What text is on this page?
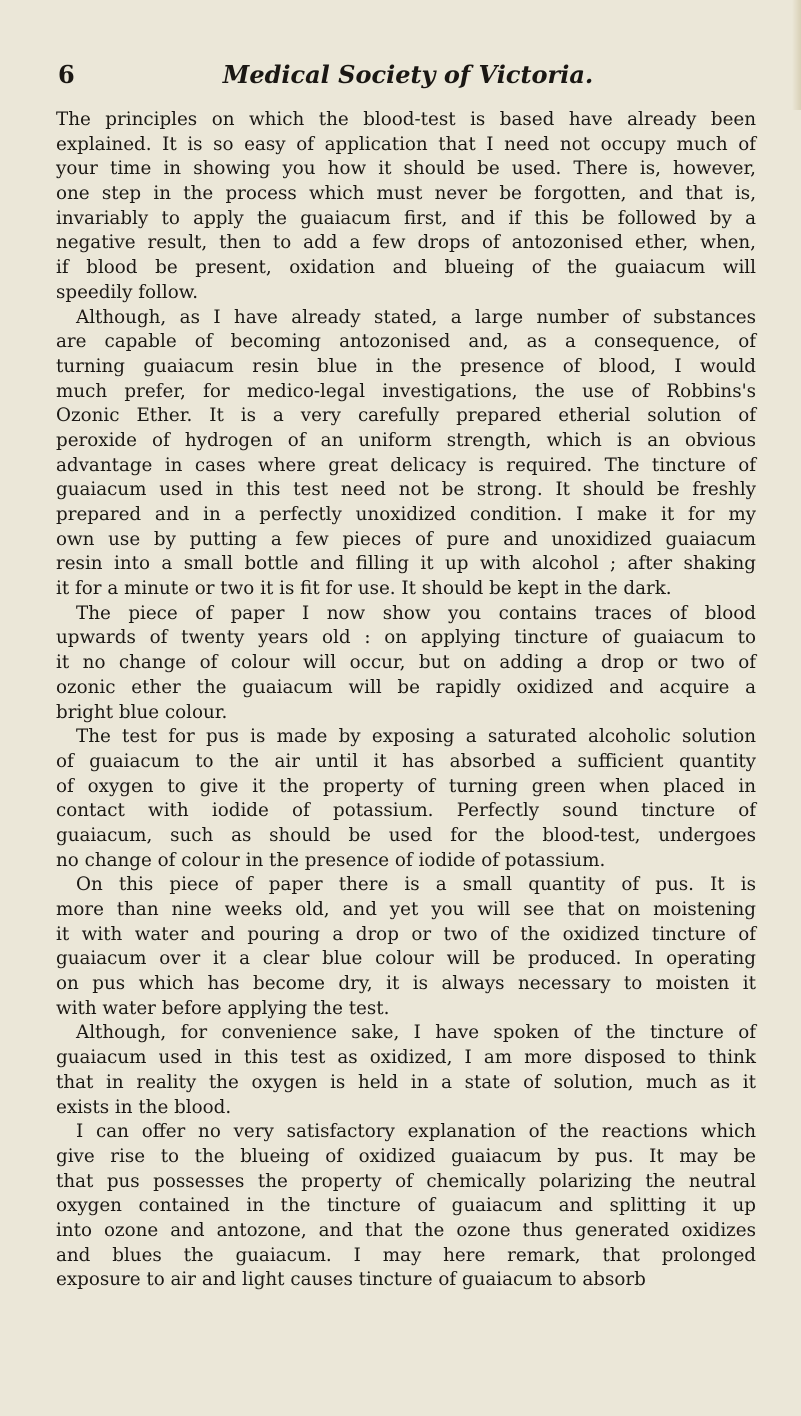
6	Medical Society of Victoria.
The principles on which the blood-test is based have already been
explained. It is so easy of application that I need not occupy much of
your time in showing you how it should be used. There is, however,
one step in the process which must never be forgotten, and that is,
invariably to apply the guaiacum first, and if this be followed by a
negative result, then to add a few drops of antozonised ether, when,
if blood be present, oxidation and blueing of the guaiacum will
speedily follow.
Although, as I have already stated, a large number of substances
are capable of becoming antozonised and, as a consequence, of
turning guaiacum resin blue in the presence of blood, I would
much prefer, for medico-legal investigations, the use of Robbins's
Ozonic Ether. It is a very carefully prepared etherial solution of
peroxide of hydrogen of an uniform strength, which is an obvious
advantage in cases where great delicacy is required. The tincture of
guaiacum used in this test need not be strong. It should be freshly
prepared and in a perfectly unoxidized condition. I make it for my
own use by putting a few pieces of pure and unoxidized guaiacum
resin into a small bottle and filling it up with alcohol ; after shaking
it for a minute or two it is fit for use. It should be kept in the dark.
The piece of paper I now show you contains traces of blood
upwards of twenty years old : on applying tincture of guaiacum to
it no change of colour will occur, but on adding a drop or two of
ozonic ether the guaiacum will be rapidly oxidized and acquire a
bright blue colour.
The test for pus is made by exposing a saturated alcoholic solution
of guaiacum to the air until it has absorbed a sufficient quantity
of oxygen to give it the property of turning green when placed in
contact with iodide of potassium. Perfectly sound tincture of
guaiacum, such as should be used for the blood-test, undergoes
no change of colour in the presence of iodide of potassium.
On this piece of paper there is a small quantity of pus. It is
more than nine weeks old, and yet you will see that on moistening
it with water and pouring a drop or two of the oxidized tincture of
guaiacum over it a clear blue colour will be produced. In operating
on pus which has become dry, it is always necessary to moisten it
with water before applying the test.
Although, for convenience sake, I have spoken of the tincture of
guaiacum used in this test as oxidized, I am more disposed to think
that in reality the oxygen is held in a state of solution, much as it
exists in the blood.
I can offer no very satisfactory explanation of the reactions which
give rise to the blueing of oxidized guaiacum by pus. It may be
that pus possesses the property of chemically polarizing the neutral
oxygen contained in the tincture of guaiacum and splitting it up
into ozone and antozone, and that the ozone thus generated oxidizes
and blues the guaiacum. I may here remark, that prolonged
exposure to air and light causes tincture of guaiacum to absorb
